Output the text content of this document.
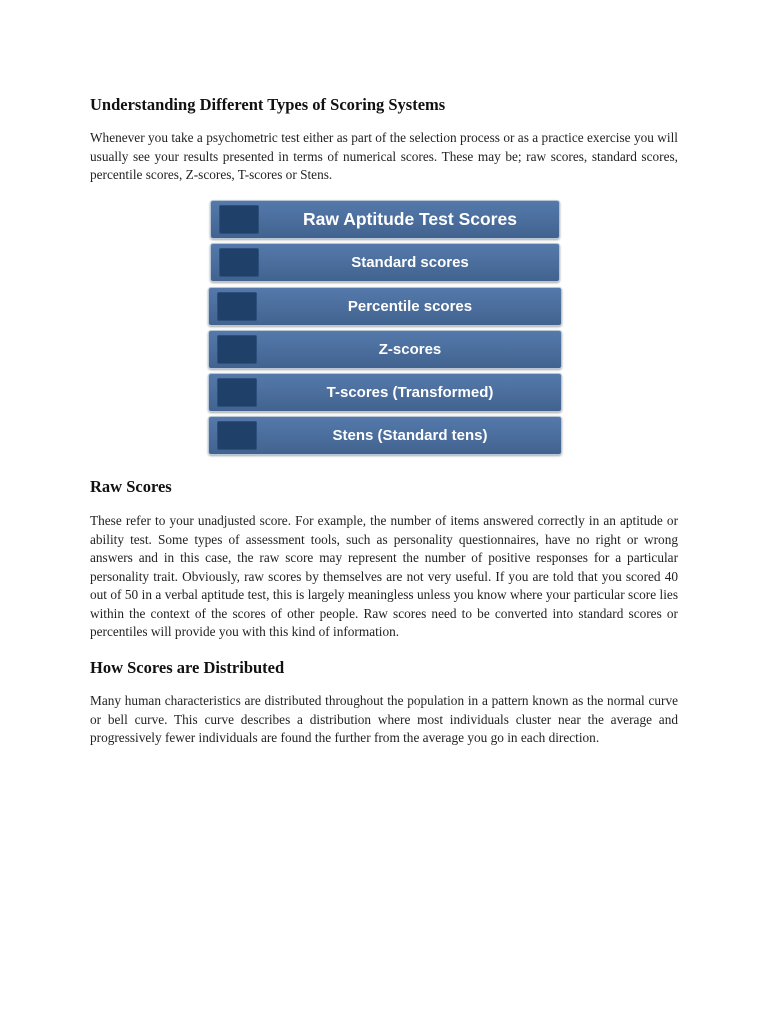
Understanding Different Types of Scoring Systems

Whenever you take a psychometric test either as part of the selection process or as a practice exercise you will usually see your results presented in terms of numerical scores. These may be; raw scores, standard scores, percentile scores, Z-scores, T-scores or Stens.

Raw Aptitude Test Scores
Standard scores
Percentile scores
Z-scores
T-scores (Transformed)
Stens (Standard tens)
Raw Scores

These refer to your unadjusted score. For example, the number of items answered correctly in an aptitude or ability test. Some types of assessment tools, such as personality questionnaires, have no right or wrong answers and in this case, the raw score may represent the number of positive responses for a particular personality trait. Obviously, raw scores by themselves are not very useful. If you are told that you scored 40 out of 50 in a verbal aptitude test, this is largely meaningless unless you know where your particular score lies within the context of the scores of other people. Raw scores need to be converted into standard scores or percentiles will provide you with this kind of information.

How Scores are Distributed

Many human characteristics are distributed throughout the population in a pattern known as the normal curve or bell curve. This curve describes a distribution where most individuals cluster near the average and progressively fewer individuals are found the further from the average you go in each direction.
